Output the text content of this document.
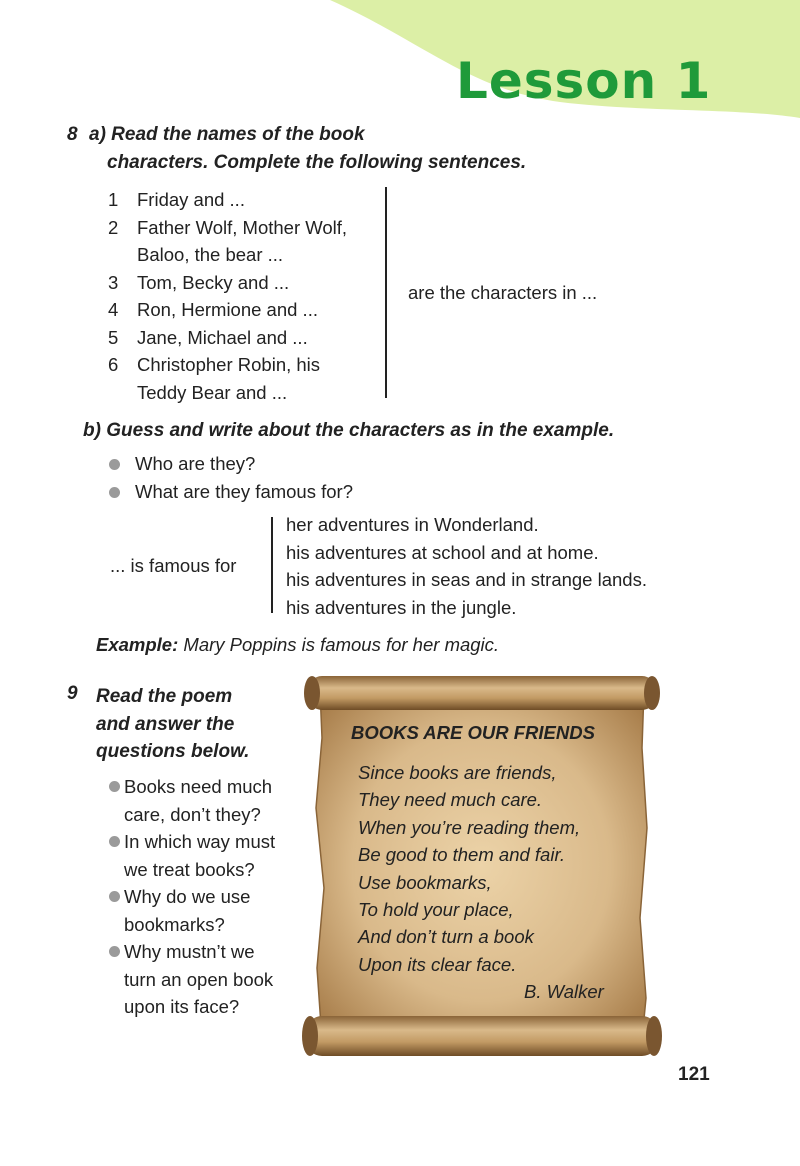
Lesson 1
8 a) Read the names of the book
characters. Complete the following sentences.
1	Friday and ...
2	Father Wolf, Mother Wolf,
Baloo, the bear ...
3	Tom, Becky and ...
4	Ron, Hermione and ...
5	Jane, Michael and ...
6	Christopher Robin, his
Teddy Bear and ...
are the characters in ...
b) Guess and write about the characters as in the example.
Who are they?
What are they famous for?
... is famous for
her adventures in Wonderland.
his adventures at school and at home.
his adventures in seas and in strange lands.
his adventures in the jungle.
Example: Mary Poppins is famous for her magic.
9 Read the poem
and answer the
questions below.
Books need much
care, don’t they?
In which way must
we treat books?
Why do we use
bookmarks?
Why mustn’t we
turn an open book
upon its face?
BOOKS ARE OUR FRIENDS
Since books are friends,
They need much care.
When you’re reading them,
Be good to them and fair.
Use bookmarks,
To hold your place,
And don’t turn a book
Upon its clear face.
B. Walker
121
